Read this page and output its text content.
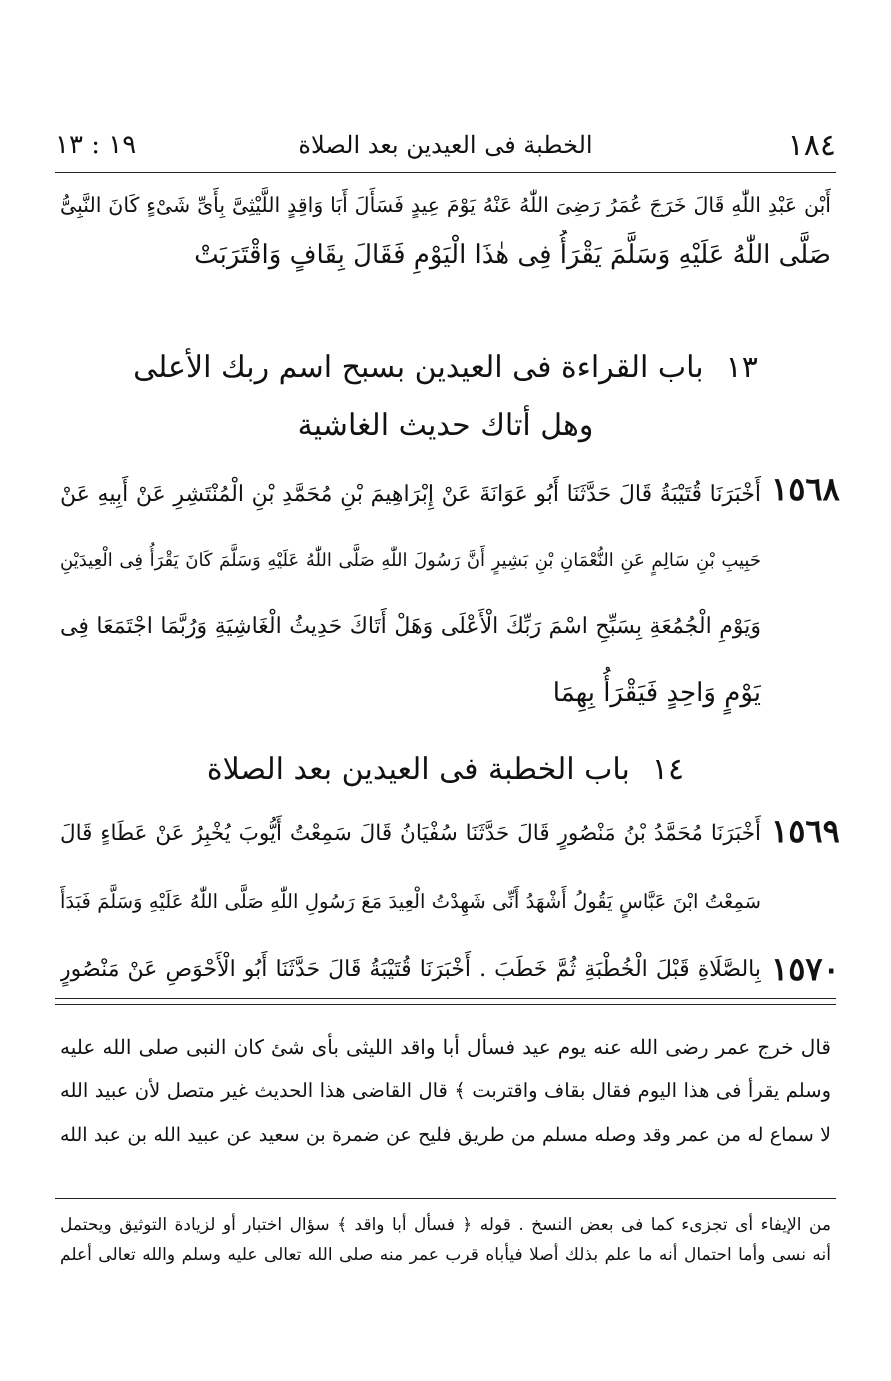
١٩ : ١٣	الخطبة فى العيدين بعد الصلاة	١٨٤
أَبْن عَبْدِ اللّٰهِ قَالَ خَرَجَ عُمَرُ رَضِىَ اللّٰهُ عَنْهُ يَوْمَ عِيدٍ فَسَأَلَ أَبَا وَاقِدٍ اللَّيْثِىَّ بِأَىِّ شَىْءٍ كَانَ النَّبِىُّ
صَلَّى اللّٰهُ عَلَيْهِ وَسَلَّمَ يَقْرَأُ فِى هٰذَا الْيَوْمِ فَقَالَ بِقَافٍ وَاقْتَرَبَتْ
١٣باب القراءة فى العيدين بسبح اسم ربك الأعلى
وهل أتاك حديث الغاشية
١٥٦٨
أَخْبَرَنَا قُتَيْبَةُ قَالَ حَدَّثَنَا أَبُو عَوَانَةَ عَنْ إِبْرَاهِيمَ بْنِ مُحَمَّدِ بْنِ الْمُنْتَشِرِ عَنْ أَبِيهِ عَنْ
حَبِيبِ بْنِ سَالِمٍ عَنِ النُّعْمَانِ بْنِ بَشِيرٍ أَنَّ رَسُولَ اللّٰهِ صَلَّى اللّٰهُ عَلَيْهِ وَسَلَّمَ كَانَ يَقْرَأُ فِى الْعِيدَيْنِ
وَيَوْمِ الْجُمُعَةِ بِسَبِّحِ اسْمَ رَبِّكَ الْأَعْلَى وَهَلْ أَتَاكَ حَدِيثُ الْغَاشِيَةِ وَرُبَّمَا اجْتَمَعَا فِى
يَوْمٍ وَاحِدٍ فَيَقْرَأُ بِهِمَا
١٤باب الخطبة فى العيدين بعد الصلاة
١٥٦٩
١٥٧٠
أَخْبَرَنَا مُحَمَّدُ بْنُ مَنْصُورٍ قَالَ حَدَّثَنَا سُفْيَانُ قَالَ سَمِعْتُ أَيُّوبَ يُخْبِرُ عَنْ عَطَاءٍ قَالَ
سَمِعْتُ ابْنَ عَبَّاسٍ يَقُولُ أَشْهَدُ أَنِّى شَهِدْتُ الْعِيدَ مَعَ رَسُولِ اللّٰهِ صَلَّى اللّٰهُ عَلَيْهِ وَسَلَّمَ فَبَدَأَ
بِالصَّلَاةِ قَبْلَ الْخُطْبَةِ ثُمَّ خَطَبَ . أَخْبَرَنَا قُتَيْبَةُ قَالَ حَدَّثَنَا أَبُو الْأَحْوَصِ عَنْ مَنْصُورٍ
قال خرج عمر رضى الله عنه يوم عيد فسأل أبا واقد الليثى بأى شئ كان النبى صلى الله عليه
وسلم يقرأ فى هذا اليوم فقال بقاف واقتربت ﴾ قال القاضى هذا الحديث غير متصل لأن عبيد الله
لا سماع له من عمر وقد وصله مسلم من طريق فليح عن ضمرة بن سعيد عن عبيد الله بن عبد الله
من الإيفاء أى تجزىء كما فى بعض النسخ . قوله ﴿ فسأل أبا واقد ﴾ سؤال اختبار أو لزيادة التوثيق ويحتمل
أنه نسى وأما احتمال أنه ما علم بذلك أصلا فيأباه قرب عمر منه صلى الله تعالى عليه وسلم والله تعالى أعلم
